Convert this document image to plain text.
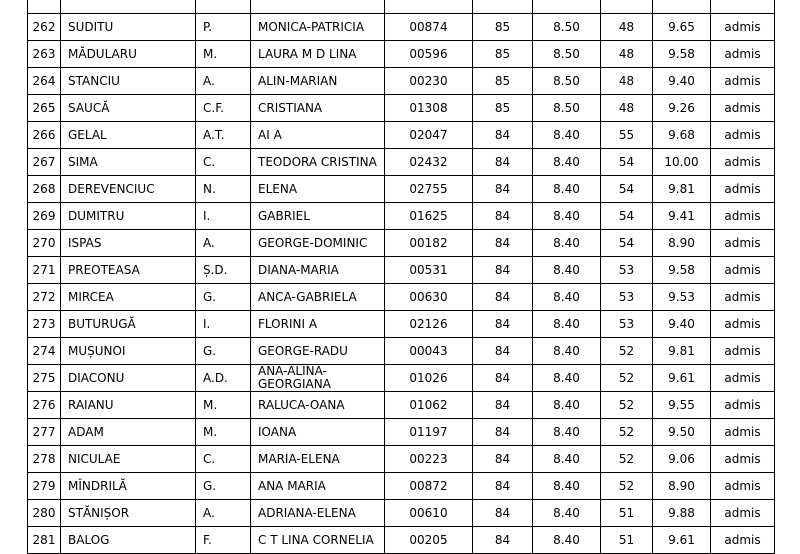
262	SUDITU	P.	MONICA-PATRICIA	00874	85	8.50	48	9.65	admis
263	MĂDULARU	M.	LAURA M D LINA	00596	85	8.50	48	9.58	admis
264	STANCIU	A.	ALIN-MARIAN	00230	85	8.50	48	9.40	admis
265	SAUCĂ	C.F.	CRISTIANA	01308	85	8.50	48	9.26	admis
266	GELAL	A.T.	AI A	02047	84	8.40	55	9.68	admis
267	SIMA	C.	TEODORA CRISTINA	02432	84	8.40	54	10.00	admis
268	DEREVENCIUC	N.	ELENA	02755	84	8.40	54	9.81	admis
269	DUMITRU	I.	GABRIEL	01625	84	8.40	54	9.41	admis
270	ISPAS	A.	GEORGE-DOMINIC	00182	84	8.40	54	8.90	admis
271	PREOTEASA	Ș.D.	DIANA-MARIA	00531	84	8.40	53	9.58	admis
272	MIRCEA	G.	ANCA-GABRIELA	00630	84	8.40	53	9.53	admis
273	BUTURUGĂ	I.	FLORINI A	02126	84	8.40	53	9.40	admis
274	MUȘUNOI	G.	GEORGE-RADU	00043	84	8.40	52	9.81	admis
275	DIACONU	A.D.	ANA-ALINA-GEORGIANA	01026	84	8.40	52	9.61	admis
276	RAIANU	M.	RALUCA-OANA	01062	84	8.40	52	9.55	admis
277	ADAM	M.	IOANA	01197	84	8.40	52	9.50	admis
278	NICULAE	C.	MARIA-ELENA	00223	84	8.40	52	9.06	admis
279	MÎNDRILĂ	G.	ANA MARIA	00872	84	8.40	52	8.90	admis
280	STĂNIȘOR	A.	ADRIANA-ELENA	00610	84	8.40	51	9.88	admis
281	BALOG	F.	C T LINA CORNELIA	00205	84	8.40	51	9.61	admis
